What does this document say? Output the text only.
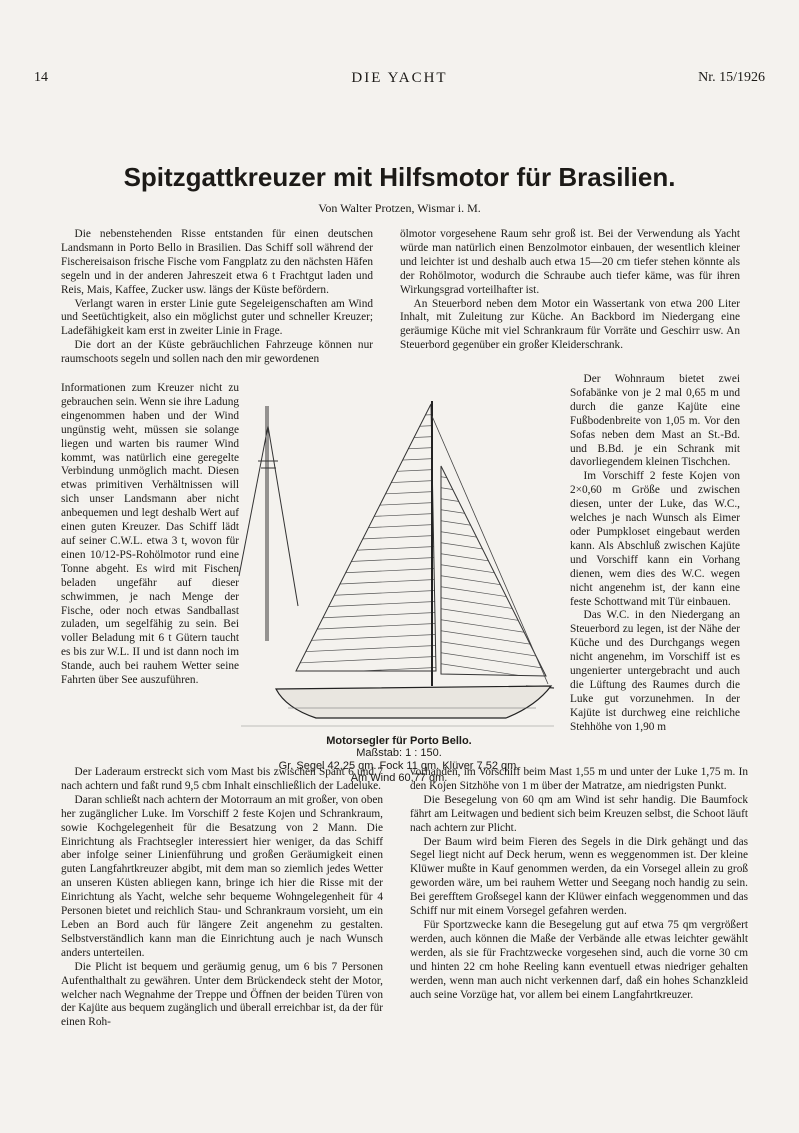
14	DIE YACHT	Nr. 15/1926
Spitzgattkreuzer mit Hilfsmotor für Brasilien.
Von Walter Protzen, Wismar i. M.

Die nebenstehenden Risse entstanden für einen deutschen Landsmann in Porto Bello in Brasilien. Das Schiff soll während der Fischereisaison frische Fische vom Fangplatz zu den nächsten Häfen segeln und in der anderen Jahreszeit etwa 6 t Frachtgut laden und Reis, Mais, Kaffee, Zucker usw. längs der Küste befördern.

Verlangt waren in erster Linie gute Segeleigenschaften am Wind und Seetüchtigkeit, also ein möglichst guter und schneller Kreuzer; Ladefähigkeit kam erst in zweiter Linie in Frage.

Die dort an der Küste gebräuchlichen Fahrzeuge können nur raumschoots segeln und sollen nach den mir gewordenen

Informationen zum Kreuzer nicht zu gebrauchen sein. Wenn sie ihre Ladung eingenommen haben und der Wind ungünstig weht, müssen sie solange liegen und warten bis raumer Wind kommt, was natürlich eine geregelte Verbindung unmöglich macht. Diesen etwas primitiven Verhältnissen will sich unser Landsmann aber nicht anbequemen und legt deshalb Wert auf einen guten Kreuzer. Das Schiff lädt auf seiner C.W.L. etwa 3 t, wovon für einen 10/12-PS-Rohölmotor rund eine Tonne abgeht. Es wird mit Fischen beladen ungefähr auf dieser schwimmen, je nach Menge der Fische, oder noch etwas Sandballast zuladen, um segelfähig zu sein. Bei voller Beladung mit 6 t Gütern taucht es bis zur W.L. II und ist dann noch im Stande, auch bei rauhem Wetter seine Fahrten über See auszuführen.

ölmotor vorgesehene Raum sehr groß ist. Bei der Verwendung als Yacht würde man natürlich einen Benzolmotor einbauen, der wesentlich kleiner und leichter ist und deshalb auch etwa 15—20 cm tiefer stehen könnte als der Rohölmotor, wodurch die Schraube auch tiefer käme, was für ihren Wirkungsgrad vorteilhafter ist.

An Steuerbord neben dem Motor ein Wassertank von etwa 200 Liter Inhalt, mit Zuleitung zur Küche. An Backbord im Niedergang eine geräumige Küche mit viel Schrankraum für Vorräte und Geschirr usw. An Steuerbord gegenüber ein großer Kleiderschrank.

Der Wohnraum bietet zwei Sofabänke von je 2 mal 0,65 m und durch die ganze Kajüte eine Fußbodenbreite von 1,05 m. Vor den Sofas neben dem Mast an St.-Bd. und B.Bd. je ein Schrank mit davorliegendem kleinen Tischchen.

Im Vorschiff 2 feste Kojen von 2×0,60 m Größe und zwischen diesen, unter der Luke, das W.C., welches je nach Wunsch als Eimer oder Pumpkloset eingebaut werden kann. Als Abschluß zwischen Kajüte und Vorschiff kann ein Vorhang dienen, wem dies des W.C. wegen nicht angenehm ist, der kann eine feste Schottwand mit Tür einbauen.

Das W.C. in den Niedergang an Steuerbord zu legen, ist der Nähe der Küche und des Durchgangs wegen nicht angenehm, im Vorschiff ist es ungenierter untergebracht und auch die Lüftung des Raumes durch die Luke gut vorzunehmen. In der Kajüte ist durchweg eine reichliche Stehhöhe von 1,90 m

Motorsegler für Porto Bello.
Maßstab: 1 : 150.
Gr. Segel 42,25 qm. Fock 11 qm. Klüver 7,52 qm.
Am Wind 60,77 qm.

Der Laderaum erstreckt sich vom Mast bis zwischen Spant 6 und 7 nach achtern und faßt rund 9,5 cbm Inhalt einschließlich der Ladeluke.

Daran schließt nach achtern der Motorraum an mit großer, von oben her zugänglicher Luke. Im Vorschiff 2 feste Kojen und Schrankraum, sowie Kochgelegenheit für die Besatzung von 2 Mann. Die Einrichtung als Frachtsegler interessiert hier weniger, da das Schiff aber infolge seiner Linienführung und großen Geräumigkeit einen guten Langfahrtkreuzer abgibt, mit dem man so ziemlich jedes Wetter an unseren Küsten abliegen kann, bringe ich hier die Risse mit der Einrichtung als Yacht, welche sehr bequeme Wohngelegenheit für 4 Personen bietet und reichlich Stau- und Schrankraum vorsieht, um ein Leben an Bord auch für längere Zeit angenehm zu gestalten. Selbstverständlich kann man die Einrichtung auch je nach Wunsch anders unterteilen.

Die Plicht ist bequem und geräumig genug, um 6 bis 7 Personen Aufenthalthalt zu gewähren. Unter dem Brückendeck steht der Motor, welcher nach Wegnahme der Treppe und Öffnen der beiden Türen von der Kajüte aus bequem zugänglich und überall erreichbar ist, da der für einen Roh-

vorhanden, im Vorschiff beim Mast 1,55 m und unter der Luke 1,75 m. In den Kojen Sitzhöhe von 1 m über der Matratze, am niedrigsten Punkt.

Die Besegelung von 60 qm am Wind ist sehr handig. Die Baumfock fährt am Leitwagen und bedient sich beim Kreuzen selbst, die Schoot läuft nach achtern zur Plicht.

Der Baum wird beim Fieren des Segels in die Dirk gehängt und das Segel liegt nicht auf Deck herum, wenn es weggenommen ist. Der kleine Klüwer mußte in Kauf genommen werden, da ein Vorsegel allein zu groß geworden wäre, um bei rauhem Wetter und Seegang noch handig zu sein. Bei gerefftem Großsegel kann der Klüwer einfach weggenommen und das Schiff nur mit einem Vorsegel gefahren werden.

Für Sportzwecke kann die Besegelung gut auf etwa 75 qm vergrößert werden, auch können die Maße der Verbände alle etwas leichter gewählt werden, als sie für Frachtzwecke vorgesehen sind, auch die vorne 30 cm und hinten 22 cm hohe Reeling kann eventuell etwas niedriger gehalten werden, wenn man auch nicht verkennen darf, daß ein hohes Schanzkleid auch seine Vorzüge hat, vor allem bei einem Langfahrtkreuzer.
